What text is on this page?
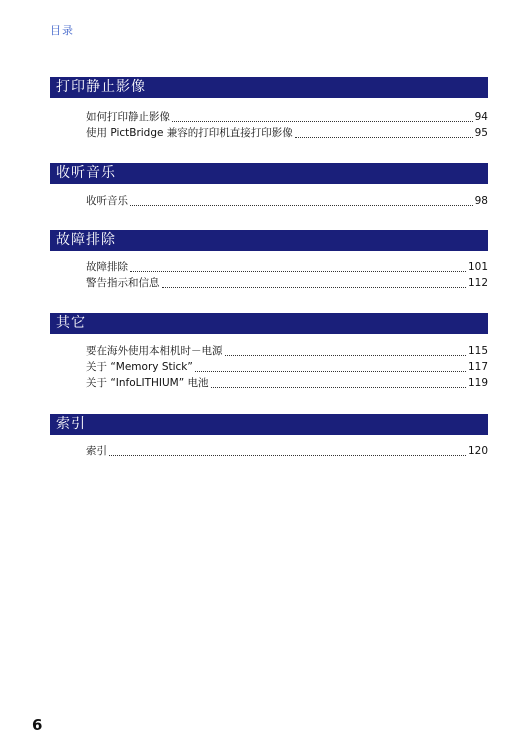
目录
打印静止影像
如何打印静止影像	94
使用 PictBridge 兼容的打印机直接打印影像	95
收听音乐
收听音乐	98
故障排除
故障排除	101
警告指示和信息	112
其它
要在海外使用本相机时－电源	115
关于 “Memory Stick”	117
关于 “InfoLITHIUM” 电池	119
索引
索引	120
6
